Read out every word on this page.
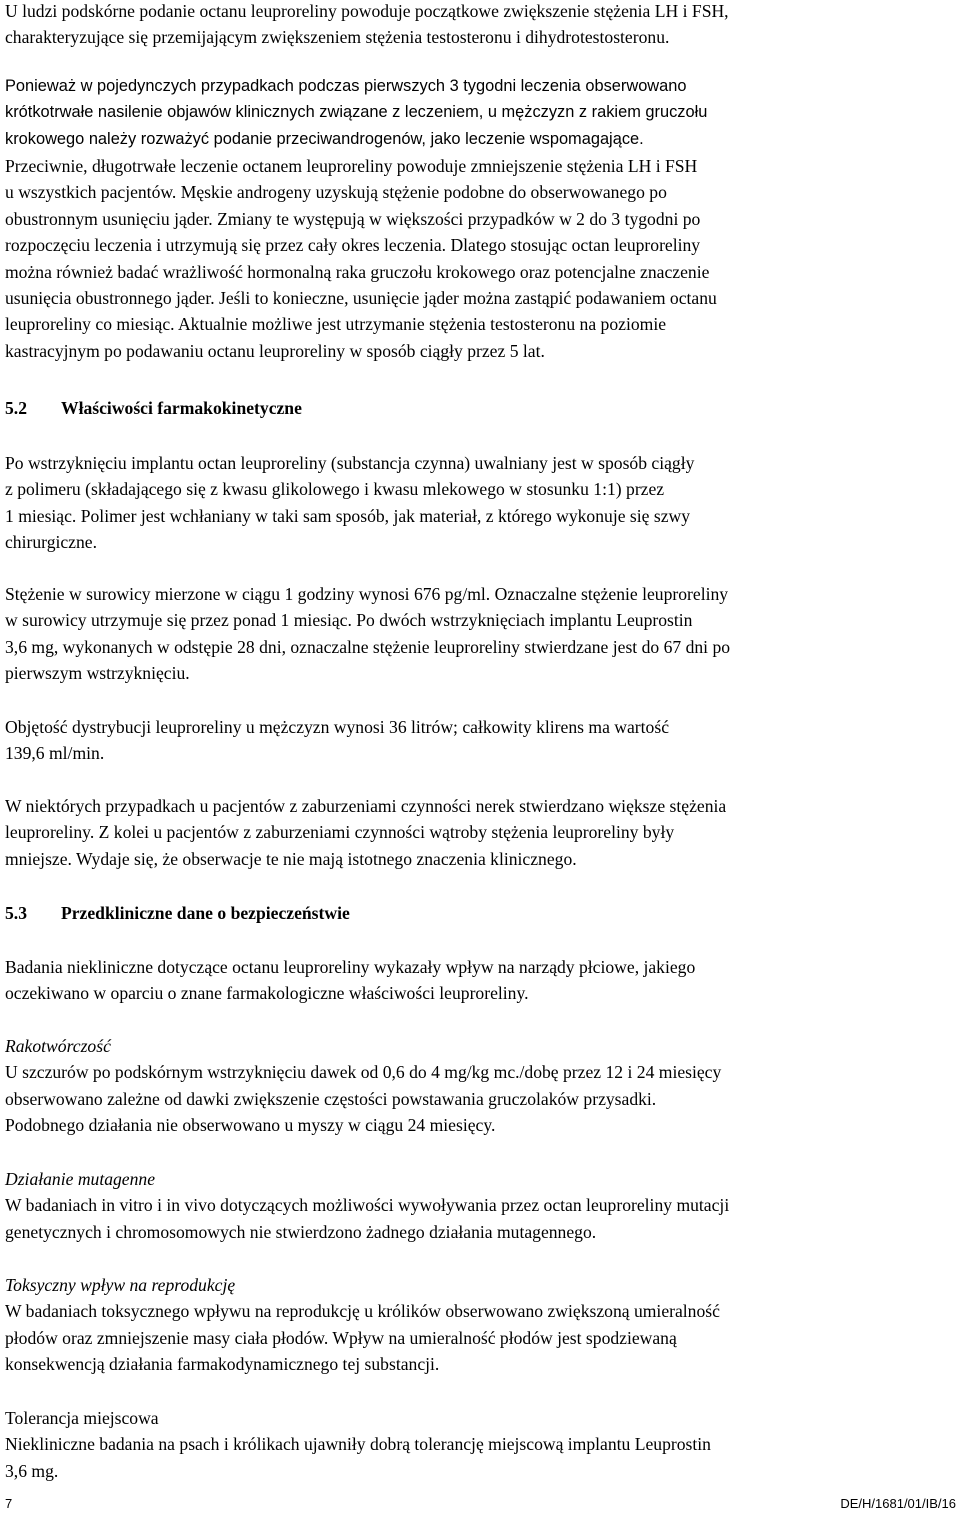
U ludzi podskórne podanie octanu leuproreliny powoduje początkowe zwiększenie stężenia LH i FSH,
charakteryzujące się przemijającym zwiększeniem stężenia testosteronu i dihydrotestosteronu.
Ponieważ w pojedynczych przypadkach podczas pierwszych 3 tygodni leczenia obserwowano
krótkotrwałe nasilenie objawów klinicznych związane z leczeniem, u mężczyzn z rakiem gruczołu
krokowego należy rozważyć podanie przeciwandrogenów, jako leczenie wspomagające.
Przeciwnie, długotrwałe leczenie octanem leuproreliny powoduje zmniejszenie stężenia LH i FSH
u wszystkich pacjentów. Męskie androgeny uzyskują stężenie podobne do obserwowanego po
obustronnym usunięciu jąder. Zmiany te występują w większości przypadków w 2 do 3 tygodni po
rozpoczęciu leczenia i utrzymują się przez cały okres leczenia. Dlatego stosując octan leuproreliny
można również badać wrażliwość hormonalną raka gruczołu krokowego oraz potencjalne znaczenie
usunięcia obustronnego jąder. Jeśli to konieczne, usunięcie jąder można zastąpić podawaniem octanu
leuproreliny co miesiąc. Aktualnie możliwe jest utrzymanie stężenia testosteronu na poziomie
kastracyjnym po podawaniu octanu leuproreliny w sposób ciągły przez 5 lat.
5.2 Właściwości farmakokinetyczne
Po wstrzyknięciu implantu octan leuproreliny (substancja czynna) uwalniany jest w sposób ciągły
z polimeru (składającego się z kwasu glikolowego i kwasu mlekowego w stosunku 1:1) przez
1 miesiąc. Polimer jest wchłaniany w taki sam sposób, jak materiał, z którego wykonuje się szwy
chirurgiczne.
Stężenie w surowicy mierzone w ciągu 1 godziny wynosi 676 pg/ml. Oznaczalne stężenie leuproreliny
w surowicy utrzymuje się przez ponad 1 miesiąc. Po dwóch wstrzyknięciach implantu Leuprostin
3,6 mg, wykonanych w odstępie 28 dni, oznaczalne stężenie leuproreliny stwierdzane jest do 67 dni po
pierwszym wstrzyknięciu.
Objętość dystrybucji leuproreliny u mężczyzn wynosi 36 litrów; całkowity klirens ma wartość
139,6 ml/min.
W niektórych przypadkach u pacjentów z zaburzeniami czynności nerek stwierdzano większe stężenia
leuproreliny. Z kolei u pacjentów z zaburzeniami czynności wątroby stężenia leuproreliny były
mniejsze. Wydaje się, że obserwacje te nie mają istotnego znaczenia klinicznego.
5.3 Przedkliniczne dane o bezpieczeństwie
Badania niekliniczne dotyczące octanu leuproreliny wykazały wpływ na narządy płciowe, jakiego
oczekiwano w oparciu o znane farmakologiczne właściwości leuproreliny.
Rakotwórczość
U szczurów po podskórnym wstrzyknięciu dawek od 0,6 do 4 mg/kg mc./dobę przez 12 i 24 miesięcy
obserwowano zależne od dawki zwiększenie częstości powstawania gruczolaków przysadki.
Podobnego działania nie obserwowano u myszy w ciągu 24 miesięcy.
Działanie mutagenne
W badaniach in vitro i in vivo dotyczących możliwości wywoływania przez octan leuproreliny mutacji
genetycznych i chromosomowych nie stwierdzono żadnego działania mutagennego.
Toksyczny wpływ na reprodukcję
W badaniach toksycznego wpływu na reprodukcję u królików obserwowano zwiększoną umieralność
płodów oraz zmniejszenie masy ciała płodów. Wpływ na umieralność płodów jest spodziewaną
konsekwencją działania farmakodynamicznego tej substancji.
Tolerancja miejscowa
Niekliniczne badania na psach i królikach ujawniły dobrą tolerancję miejscową implantu Leuprostin
3,6 mg.
7	DE/H/1681/01/IB/16
